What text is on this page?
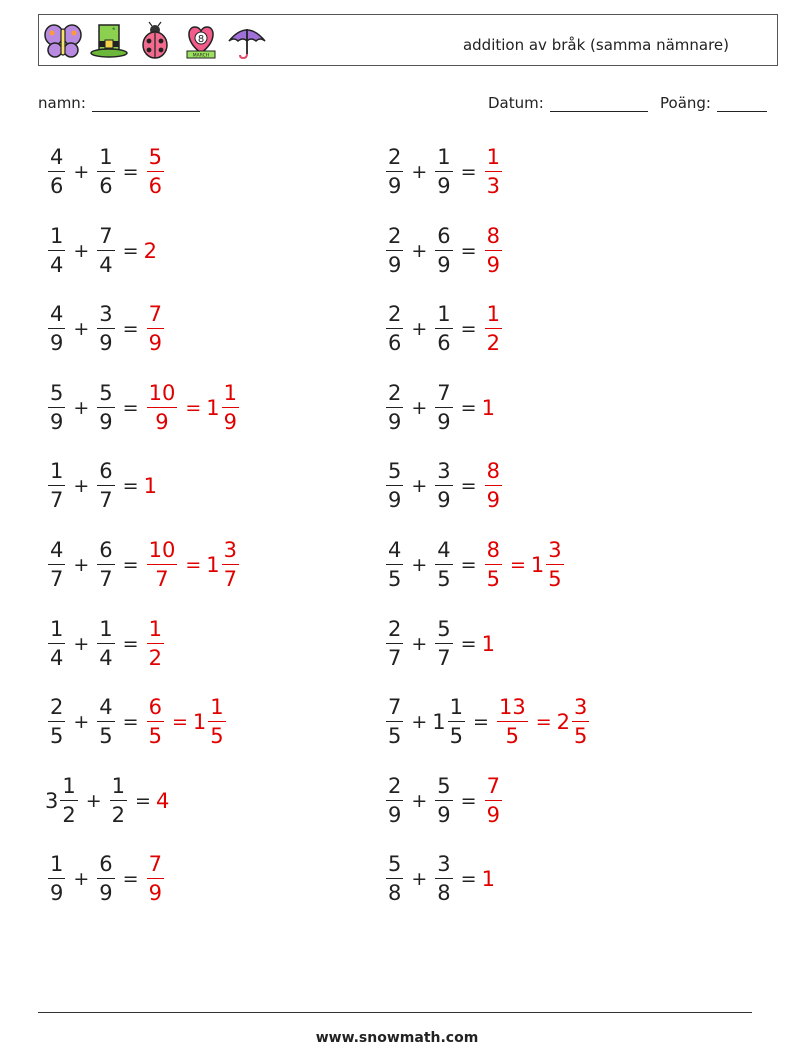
8
MARCH
addition av bråk (samma nämnare)
namn:	Datum:	Poäng:
$\frac{4}{6} + \frac{1}{6} = \frac{5}{6}$	$\frac{2}{9} + \frac{1}{9} = \frac{1}{3}$
$\frac{1}{4} + \frac{7}{4} = 2$	$\frac{2}{9} + \frac{6}{9} = \frac{8}{9}$
$\frac{4}{9} + \frac{3}{9} = \frac{7}{9}$	$\frac{2}{6} + \frac{1}{6} = \frac{1}{2}$
$\frac{5}{9} + \frac{5}{9} = \frac{10}{9} = 1 \frac{1}{9}$	$\frac{2}{9} + \frac{7}{9} = 1$
$\frac{1}{7} + \frac{6}{7} = 1$	$\frac{5}{9} + \frac{3}{9} = \frac{8}{9}$
$\frac{4}{7} + \frac{6}{7} = \frac{10}{7} = 1 \frac{3}{7}$	$\frac{4}{5} + \frac{4}{5} = \frac{8}{5} = 1 \frac{3}{5}$
$\frac{1}{4} + \frac{1}{4} = \frac{1}{2}$	$\frac{2}{7} + \frac{5}{7} = 1$
$\frac{2}{5} + \frac{4}{5} = \frac{6}{5} = 1 \frac{1}{5}$	$\frac{7}{5} + 1 \frac{1}{5} = \frac{13}{5} = 2 \frac{3}{5}$
$3 \frac{1}{2} + \frac{1}{2} = 4$	$\frac{2}{9} + \frac{5}{9} = \frac{7}{9}$
$\frac{1}{9} + \frac{6}{9} = \frac{7}{9}$	$\frac{5}{8} + \frac{3}{8} = 1$
www.snowmath.com
